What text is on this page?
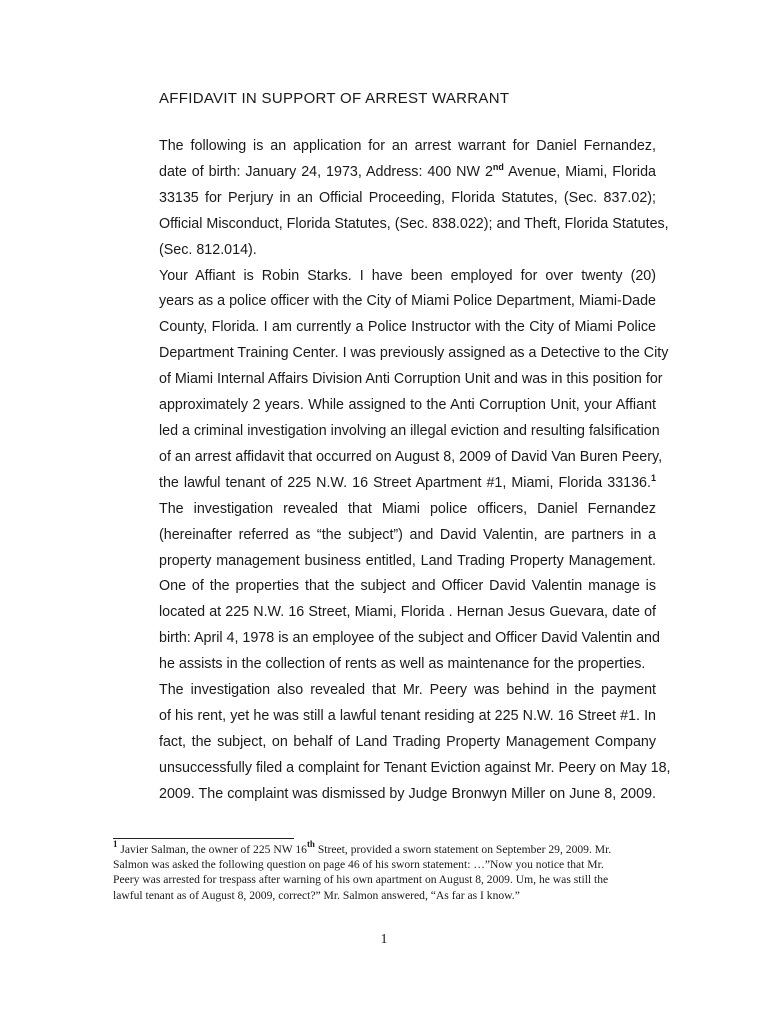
AFFIDAVIT IN SUPPORT OF ARREST WARRANT

The following is an application for an arrest warrant for Daniel Fernandez,
date of birth: January 24, 1973, Address: 400 NW 2nd Avenue, Miami, Florida
33135 for Perjury in an Official Proceeding, Florida Statutes, (Sec. 837.02);
Official Misconduct, Florida Statutes, (Sec. 838.022); and Theft, Florida Statutes,
(Sec. 812.014).

Your Affiant is Robin Starks. I have been employed for over twenty (20)
years as a police officer with the City of Miami Police Department, Miami-Dade
County, Florida. I am currently a Police Instructor with the City of Miami Police
Department Training Center. I was previously assigned as a Detective to the City
of Miami Internal Affairs Division Anti Corruption Unit and was in this position for
approximately 2 years. While assigned to the Anti Corruption Unit, your Affiant
led a criminal investigation involving an illegal eviction and resulting falsification
of an arrest affidavit that occurred on August 8, 2009 of David Van Buren Peery,
the lawful tenant of 225 N.W. 16 Street Apartment #1, Miami, Florida 33136.$^1$
The investigation revealed that Miami police officers, Daniel Fernandez
(hereinafter referred as “the subject”) and David Valentin, are partners in a
property management business entitled, Land Trading Property Management.
One of the properties that the subject and Officer David Valentin manage is
located at 225 N.W. 16 Street, Miami, Florida . Hernan Jesus Guevara, date of
birth: April 4, 1978 is an employee of the subject and Officer David Valentin and
he assists in the collection of rents as well as maintenance for the properties.

The investigation also revealed that Mr. Peery was behind in the payment
of his rent, yet he was still a lawful tenant residing at 225 N.W. 16 Street #1. In
fact, the subject, on behalf of Land Trading Property Management Company
unsuccessfully filed a complaint for Tenant Eviction against Mr. Peery on May 18,
2009. The complaint was dismissed by Judge Bronwyn Miller on June 8, 2009.

$^1$ Javier Salman, the owner of 225 NW 16th Street, provided a sworn statement on September 29, 2009. Mr.
Salmon was asked the following question on page 46 of his sworn statement: …”Now you notice that Mr.
Peery was arrested for trespass after warning of his own apartment on August 8, 2009. Um, he was still the
lawful tenant as of August 8, 2009, correct?” Mr. Salmon answered, “As far as I know.”
1
